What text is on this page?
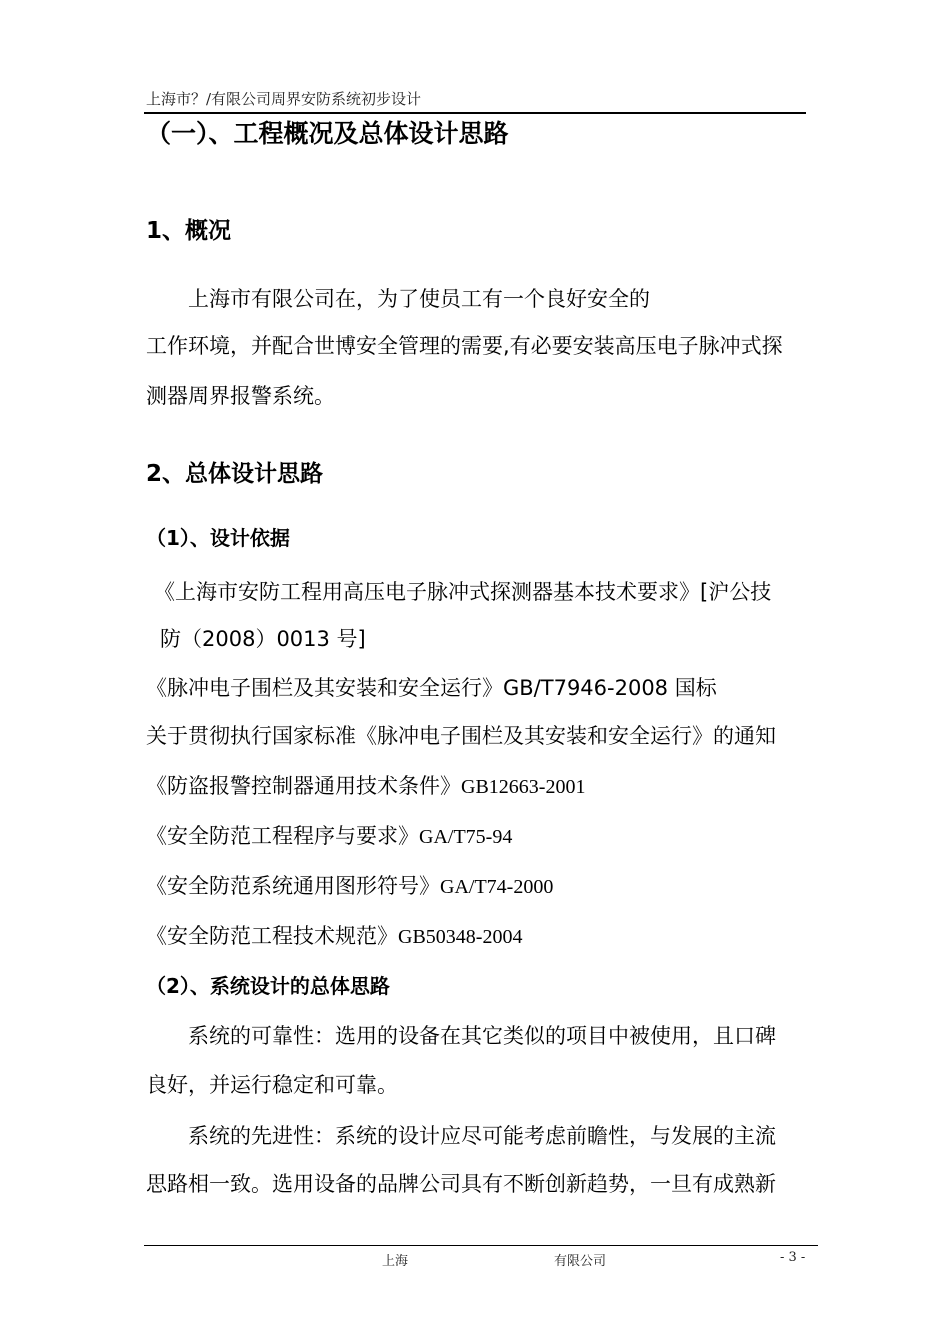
上海市？/有限公司周界安防系统初步设计
（一）、工程概况及总体设计思路
1、概况
上海市有限公司在，为了使员工有一个良好安全的
工作环境，并配合世博安全管理的需要,有必要安装高压电子脉冲式探
测器周界报警系统。
2、总体设计思路
（1）、设计依据
《上海市安防工程用高压电子脉冲式探测器基本技术要求》[沪公技
防（2008）0013 号]
《脉冲电子围栏及其安装和安全运行》GB/T7946-2008 国标
关于贯彻执行国家标准《脉冲电子围栏及其安装和安全运行》的通知
《防盗报警控制器通用技术条件》GB12663-2001
《安全防范工程程序与要求》GA/T75-94
《安全防范系统通用图形符号》GA/T74-2000
《安全防范工程技术规范》GB50348-2004
（2）、系统设计的总体思路
系统的可靠性：选用的设备在其它类似的项目中被使用，且口碑
良好，并运行稳定和可靠。
系统的先进性：系统的设计应尽可能考虑前瞻性，与发展的主流
思路相一致。选用设备的品牌公司具有不断创新趋势，一旦有成熟新
上海	有限公司	- 3 -
